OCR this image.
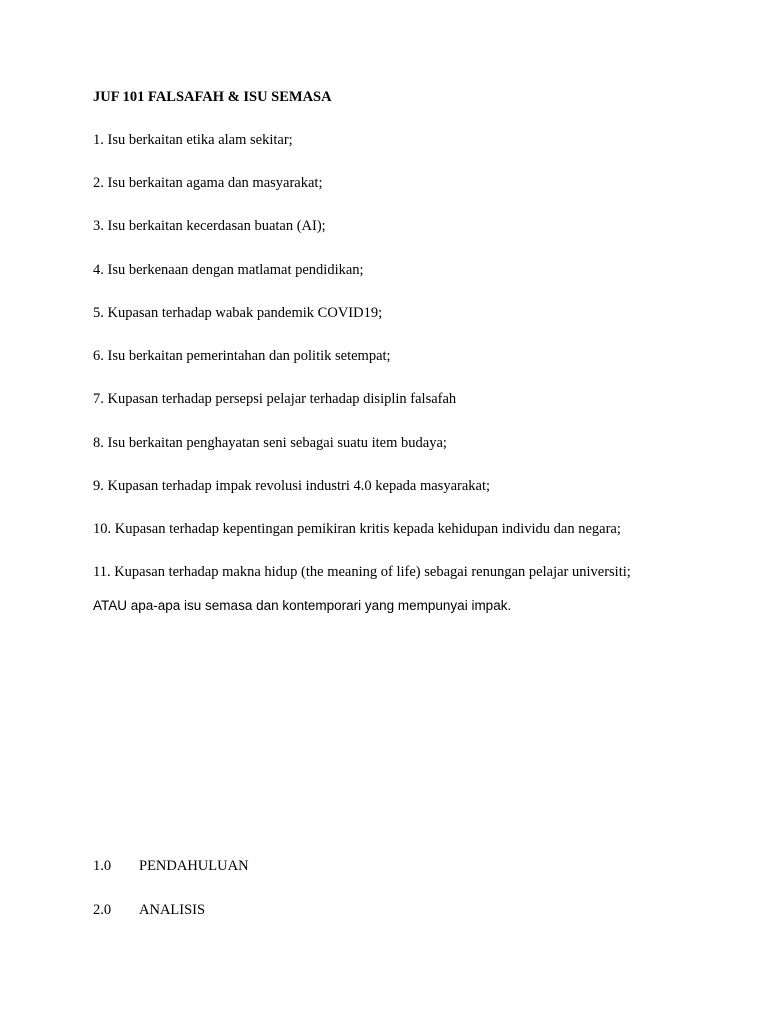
JUF 101 FALSAFAH & ISU SEMASA
1. Isu berkaitan etika alam sekitar;
2. Isu berkaitan agama dan masyarakat;
3. Isu berkaitan kecerdasan buatan (AI);
4. Isu berkenaan dengan matlamat pendidikan;
5. Kupasan terhadap wabak pandemik COVID19;
6. Isu berkaitan pemerintahan dan politik setempat;
7. Kupasan terhadap persepsi pelajar terhadap disiplin falsafah
8. Isu berkaitan penghayatan seni sebagai suatu item budaya;
9. Kupasan terhadap impak revolusi industri 4.0 kepada masyarakat;
10. Kupasan terhadap kepentingan pemikiran kritis kepada kehidupan individu dan negara;
11. Kupasan terhadap makna hidup (the meaning of life) sebagai renungan pelajar universiti;
ATAU apa-apa isu semasa dan kontemporari yang mempunyai impak.
1.0 PENDAHULUAN
2.0 ANALISIS
